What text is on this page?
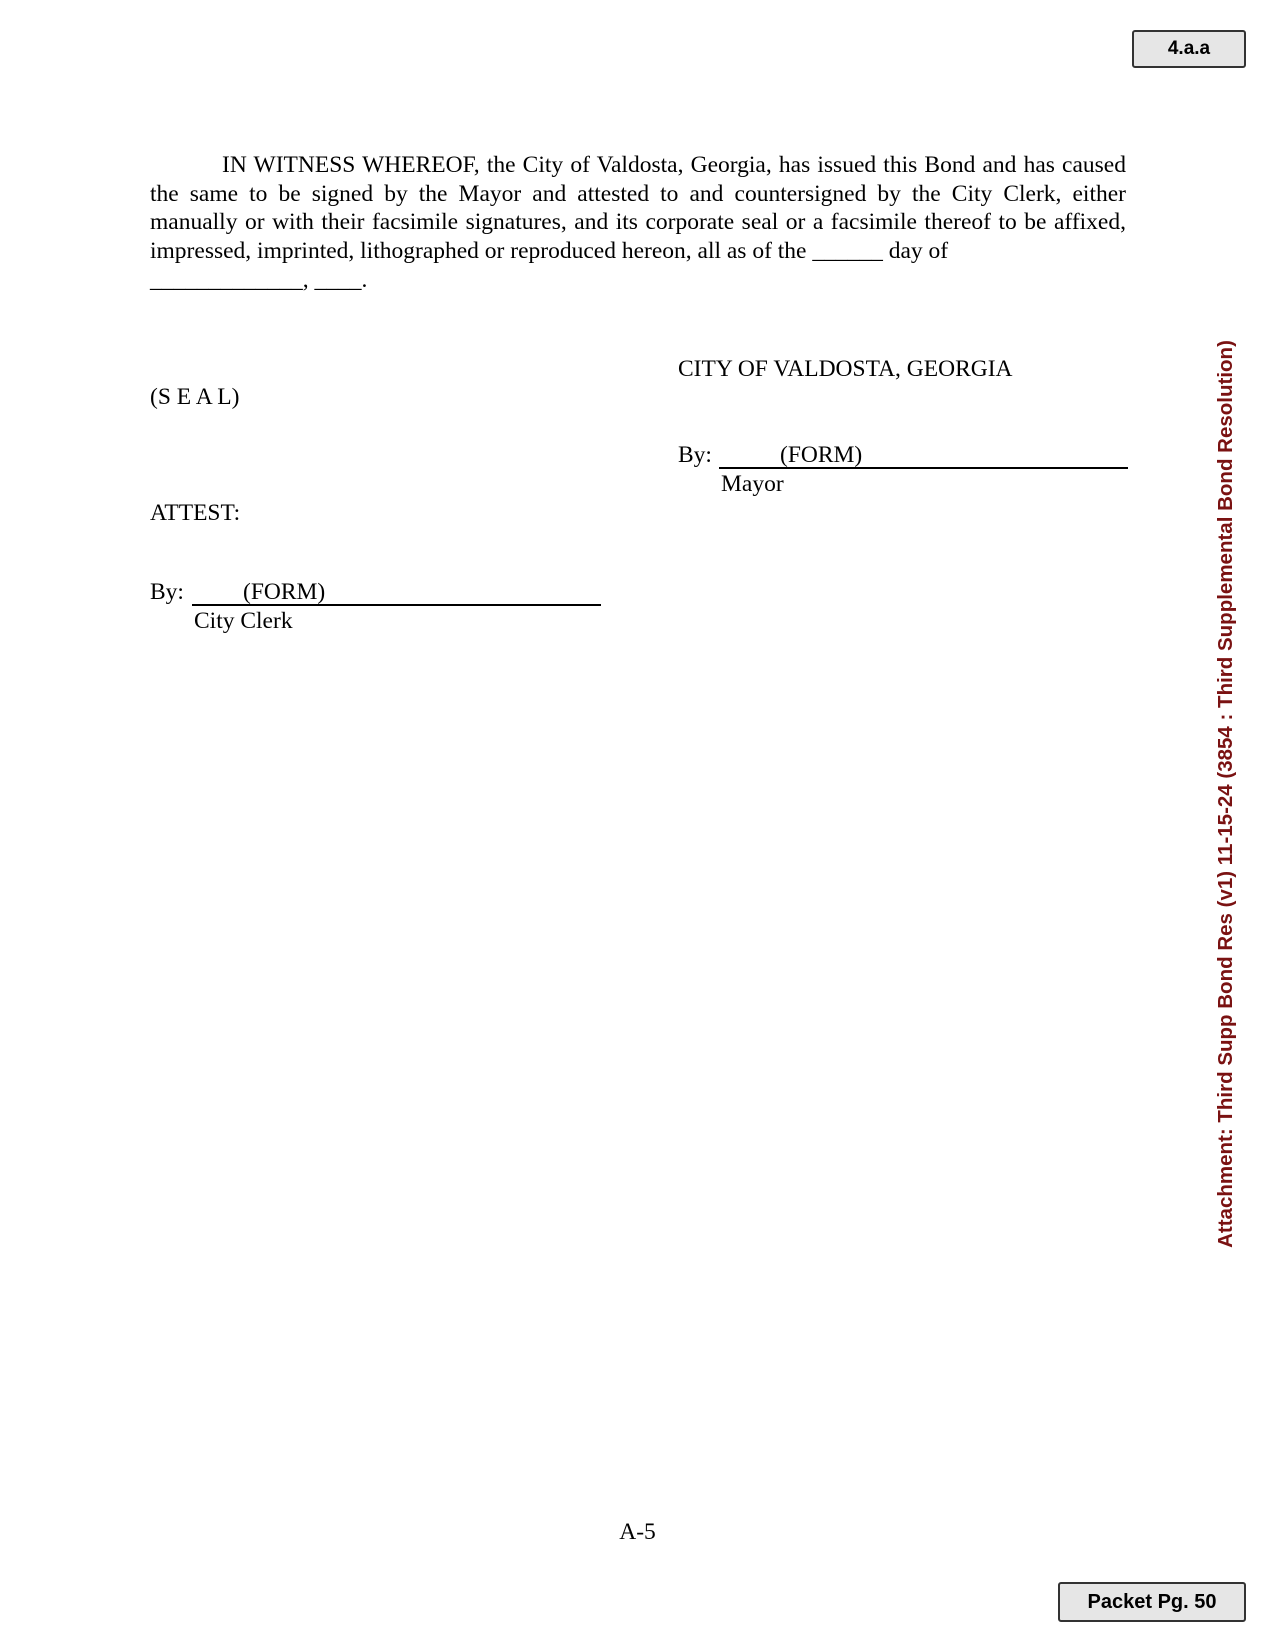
4.a.a
IN WITNESS WHEREOF, the City of Valdosta, Georgia, has issued this Bond and has caused the same to be signed by the Mayor and attested to and countersigned by the City Clerk, either manually or with their facsimile signatures, and its corporate seal or a facsimile thereof to be affixed, impressed, imprinted, lithographed or reproduced hereon, all as of the ______ day of
_____________, ____.
CITY OF VALDOSTA, GEORGIA
(S E A L)
By:	(FORM)
Mayor
ATTEST:
By:	(FORM)
City Clerk	Attachment: Third Supp Bond Res (v1) 11-15-24 (3854 : Third Supplemental Bond Resolution)
A-5
Packet Pg. 50
